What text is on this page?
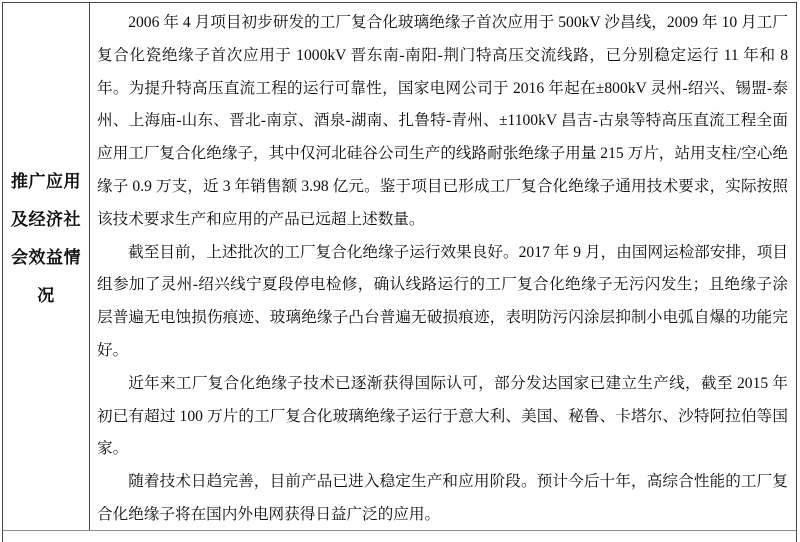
推广应用
及经济社
会效益情
况

2006 年 4 月项目初步研发的工厂复合化玻璃绝缘子首次应用于 500kV 沙昌线，2009 年 10 月工厂复合化瓷绝缘子首次应用于 1000kV 晋东南-南阳-荆门特高压交流线路，已分别稳定运行 11 年和 8 年。为提升特高压直流工程的运行可靠性，国家电网公司于 2016 年起在±800kV 灵州-绍兴、锡盟-泰州、上海庙-山东、晋北-南京、酒泉-湖南、扎鲁特-青州、±1100kV 昌吉-古泉等特高压直流工程全面应用工厂复合化绝缘子，其中仅河北硅谷公司生产的线路耐张绝缘子用量 215 万片，站用支柱/空心绝缘子 0.9 万支，近 3 年销售额 3.98 亿元。鉴于项目已形成工厂复合化绝缘子通用技术要求，实际按照该技术要求生产和应用的产品已远超上述数量。

截至目前，上述批次的工厂复合化绝缘子运行效果良好。2017 年 9 月，由国网运检部安排，项目组参加了灵州-绍兴线宁夏段停电检修，确认线路运行的工厂复合化绝缘子无污闪发生；且绝缘子涂层普遍无电蚀损伤痕迹、玻璃绝缘子凸台普遍无破损痕迹，表明防污闪涂层抑制小电弧自爆的功能完好。

近年来工厂复合化绝缘子技术已逐渐获得国际认可，部分发达国家已建立生产线，截至 2015 年初已有超过 100 万片的工厂复合化玻璃绝缘子运行于意大利、美国、秘鲁、卡塔尔、沙特阿拉伯等国家。

随着技术日趋完善，目前产品已进入稳定生产和应用阶段。预计今后十年，高综合性能的工厂复合化绝缘子将在国内外电网获得日益广泛的应用。
